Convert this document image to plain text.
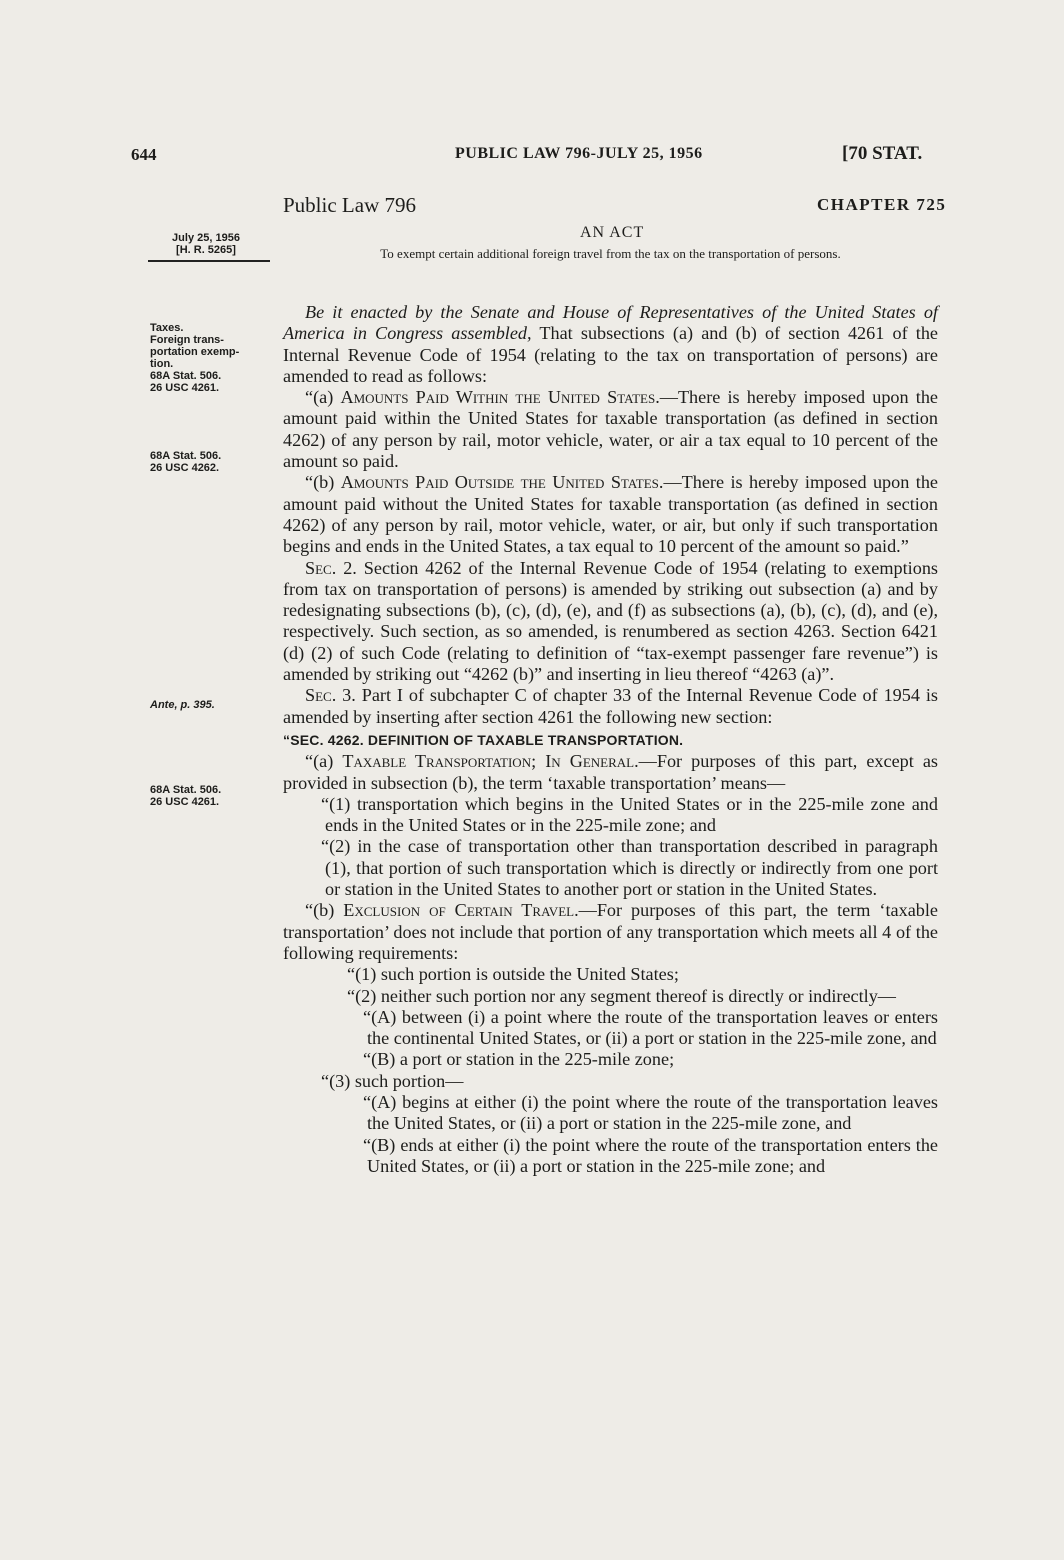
644	PUBLIC LAW 796-JULY 25, 1956	[70 STAT.
Public Law 796	CHAPTER 725
AN ACT
To exempt certain additional foreign travel from the tax on the transportation of persons.
July 25, 1956
[H. R. 5265]
Taxes.
Foreign trans-
portation exemp-
tion.
68A Stat. 506.
26 USC 4261.
68A Stat. 506.
26 USC 4262.
Ante, p. 395.
68A Stat. 506.
26 USC 4261.

Be it enacted by the Senate and House of Representatives of the United States of America in Congress assembled, That subsections (a) and (b) of section 4261 of the Internal Revenue Code of 1954 (relating to the tax on transportation of persons) are amended to read as follows:

“(a) Amounts Paid Within the United States.—There is hereby imposed upon the amount paid within the United States for taxable transportation (as defined in section 4262) of any person by rail, motor vehicle, water, or air a tax equal to 10 percent of the amount so paid.

“(b) Amounts Paid Outside the United States.—There is hereby imposed upon the amount paid without the United States for taxable transportation (as defined in section 4262) of any person by rail, motor vehicle, water, or air, but only if such transportation begins and ends in the United States, a tax equal to 10 percent of the amount so paid.”

Sec. 2. Section 4262 of the Internal Revenue Code of 1954 (relating to exemptions from tax on transportation of persons) is amended by striking out subsection (a) and by redesignating subsections (b), (c), (d), (e), and (f) as subsections (a), (b), (c), (d), and (e), respectively. Such section, as so amended, is renumbered as section 4263. Section 6421 (d) (2) of such Code (relating to definition of “tax-exempt passenger fare revenue”) is amended by striking out “4262 (b)” and inserting in lieu thereof “4263 (a)”.

Sec. 3. Part I of subchapter C of chapter 33 of the Internal Revenue Code of 1954 is amended by inserting after section 4261 the following new section:

“SEC. 4262. DEFINITION OF TAXABLE TRANSPORTATION.

“(a) Taxable Transportation; In General.—For purposes of this part, except as provided in subsection (b), the term ‘taxable transportation’ means—

“(1) transportation which begins in the United States or in the 225-mile zone and ends in the United States or in the 225-mile zone; and

“(2) in the case of transportation other than transportation described in paragraph (1), that portion of such transportation which is directly or indirectly from one port or station in the United States to another port or station in the United States.

“(b) Exclusion of Certain Travel.—For purposes of this part, the term ‘taxable transportation’ does not include that portion of any transportation which meets all 4 of the following requirements:

“(1) such portion is outside the United States;

“(2) neither such portion nor any segment thereof is directly or indirectly—

“(A) between (i) a point where the route of the transportation leaves or enters the continental United States, or (ii) a port or station in the 225-mile zone, and

“(B) a port or station in the 225-mile zone;

“(3) such portion—

“(A) begins at either (i) the point where the route of the transportation leaves the United States, or (ii) a port or station in the 225-mile zone, and

“(B) ends at either (i) the point where the route of the transportation enters the United States, or (ii) a port or station in the 225-mile zone; and
